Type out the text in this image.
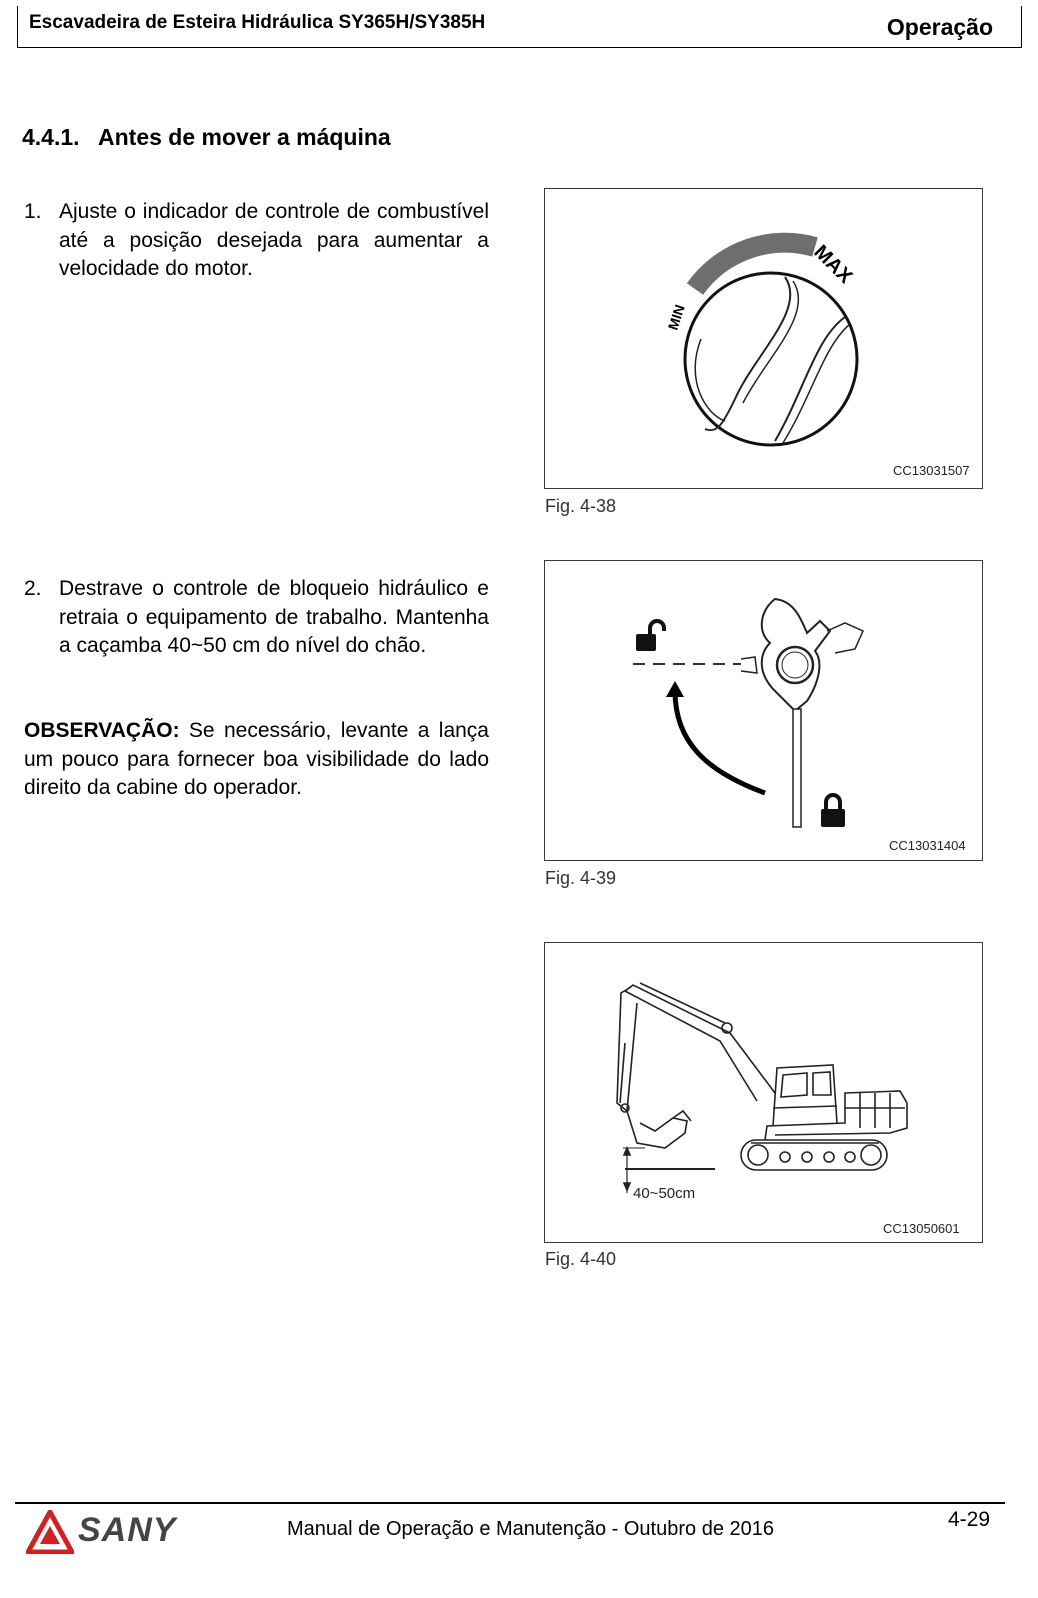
Escavadeira de Esteira Hidráulica SY365H/SY385H	Operação
4.4.1. Antes de mover a máquina
1. Ajuste o indicador de controle de combustível até a posição desejada para aumentar a velocidade do motor.
2. Destrave o controle de bloqueio hidráulico e retraia o equipamento de trabalho. Mantenha a caçamba 40~50 cm do nível do chão.
OBSERVAÇÃO: Se necessário, levante a lança um pouco para fornecer boa visibilidade do lado direito da cabine do operador.
MIN
MAX
CC13031507
Fig. 4-38
CC13031404
Fig. 4-39
40~50cm
CC13050601
Fig. 4-40
SANY	Manual de Operação e Manutenção - Outubro de 2016	4-29
